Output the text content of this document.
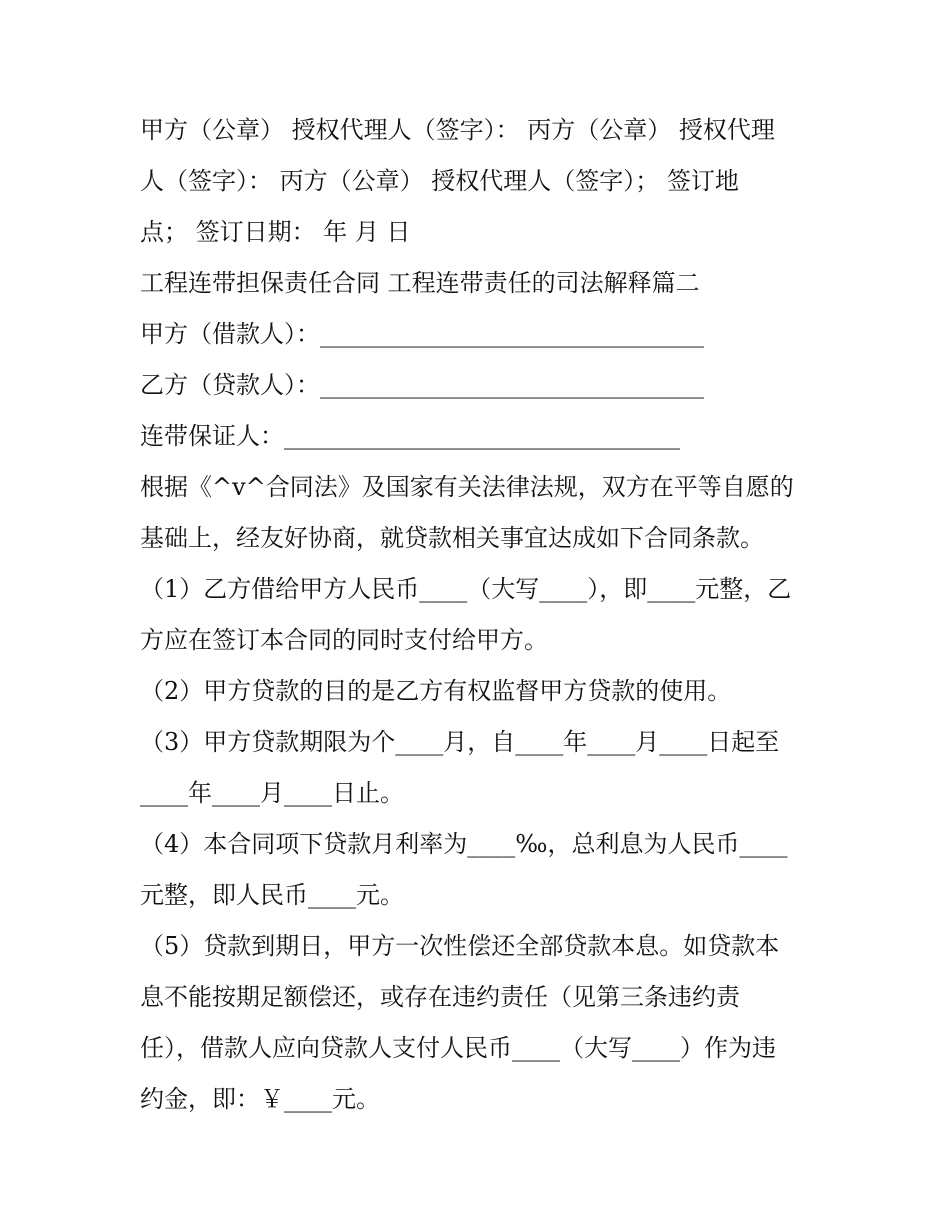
甲方（公章） 授权代理人（签字）： 丙方（公章） 授权代理

人（签字）： 丙方（公章） 授权代理人（签字）； 签订地

点； 签订日期： 年 月 日

工程连带担保责任合同 工程连带责任的司法解释篇二

甲方（借款人）：________________________________

乙方（贷款人）：________________________________

连带保证人：_________________________________

根据《^v^合同法》及国家有关法律法规，双方在平等自愿的

基础上，经友好协商，就贷款相关事宜达成如下合同条款。

（1）乙方借给甲方人民币____（大写____），即____元整，乙

方应在签订本合同的同时支付给甲方。

（2）甲方贷款的目的是乙方有权监督甲方贷款的使用。

（3）甲方贷款期限为个____月，自____年____月____日起至

____年____月____日止。

（4）本合同项下贷款月利率为____‰，总利息为人民币____

元整，即人民币____元。

（5）贷款到期日，甲方一次性偿还全部贷款本息。如贷款本

息不能按期足额偿还，或存在违约责任（见第三条违约责

任），借款人应向贷款人支付人民币____（大写____）作为违

约金，即：￥____元。
